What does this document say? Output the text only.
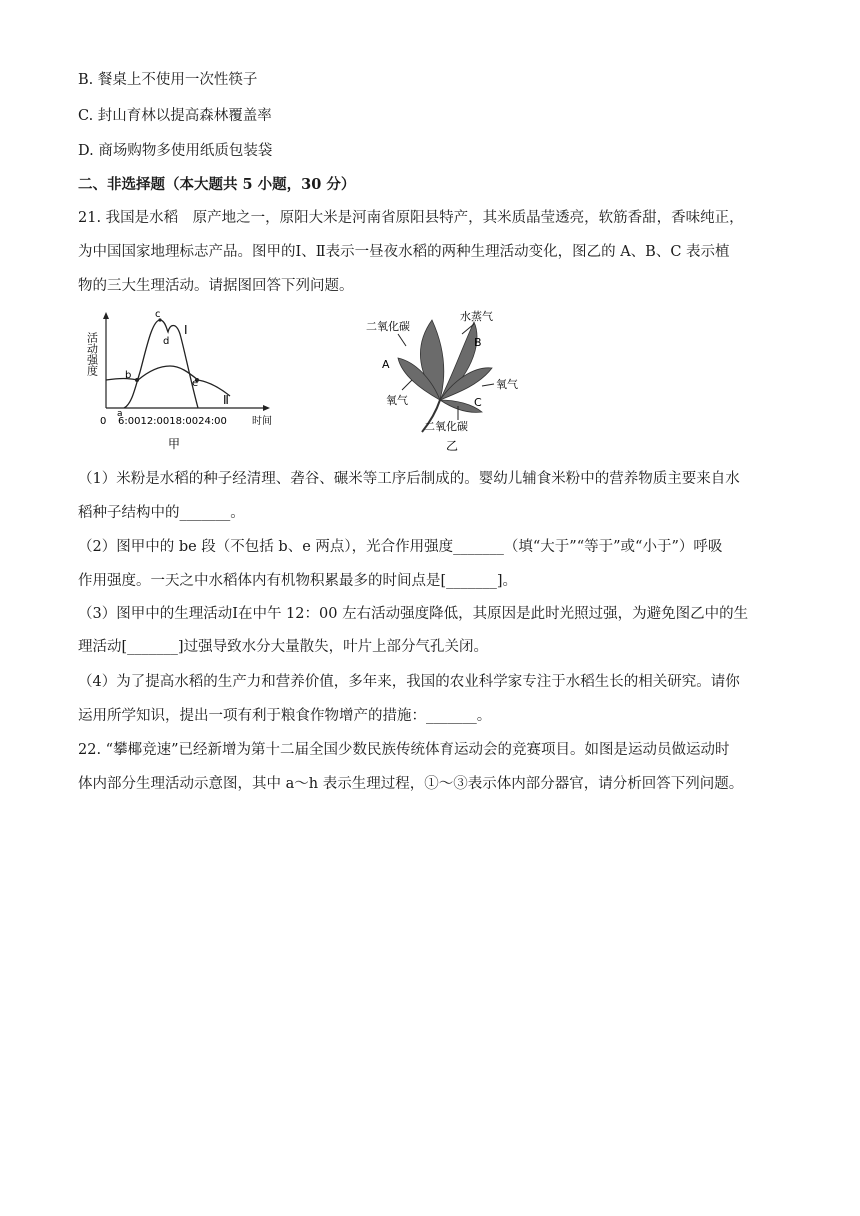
B. 餐桌上不使用一次性筷子
C. 封山育林以提高森林覆盖率
D. 商场购物多使用纸质包装袋
二、非选择题（本大题共 5 小题，30 分）
21. 我国是水稻　原产地之一，原阳大米是河南省原阳县特产，其米质晶莹透亮，软筋香甜，香味纯正，
为中国国家地理标志产品。图甲的Ⅰ、Ⅱ表示一昼夜水稻的两种生理活动变化，图乙的 A、B、C 表示植
物的三大生理活动。请据图回答下列问题。
活动强度
a
b
c
d
e
Ⅰ
Ⅱ
0 6:0012:0018:0024:00	时间
甲
二氧化碳
水蒸气
A
B
C
氧气
氧气
二氧化碳
乙
（1）米粉是水稻的种子经清理、砻谷、碾米等工序后制成的。婴幼儿辅食米粉中的营养物质主要来自水
稻种子结构中的_______。
（2）图甲中的 be 段（不包括 b、e 两点），光合作用强度_______（填“大于”“等于”或“小于”）呼吸
作用强度。一天之中水稻体内有机物积累最多的时间点是[_______]。
（3）图甲中的生理活动Ⅰ在中午 12：00 左右活动强度降低，其原因是此时光照过强，为避免图乙中的生
理活动[_______]过强导致水分大量散失，叶片上部分气孔关闭。
（4）为了提高水稻的生产力和营养价值，多年来，我国的农业科学家专注于水稻生长的相关研究。请你
运用所学知识，提出一项有利于粮食作物增产的措施：_______。
22. “攀椰竞速”已经新增为第十二届全国少数民族传统体育运动会的竞赛项目。如图是运动员做运动时
体内部分生理活动示意图，其中 a～h 表示生理过程，①～③表示体内部分器官，请分析回答下列问题。
